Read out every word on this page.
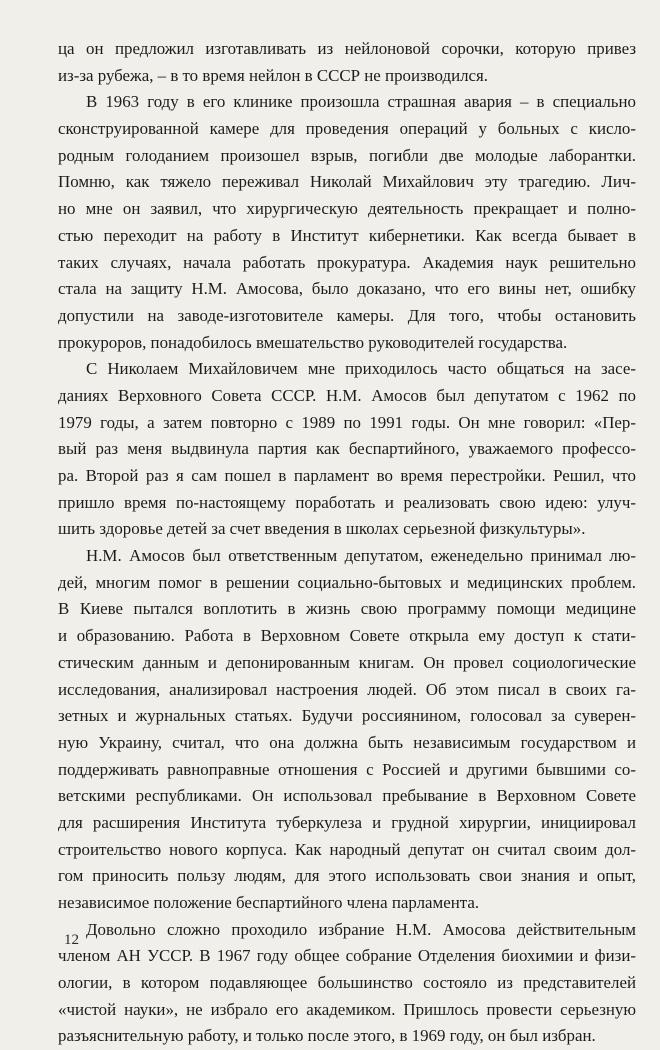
ца он предложил изготавливать из нейлоновой сорочки, которую привез
из-за рубежа, – в то время нейлон в СССР не производился.
В 1963 году в его клинике произошла страшная авария – в специально
сконструированной камере для проведения операций у больных с кисло-
родным голоданием произошел взрыв, погибли две молодые лаборантки.
Помню, как тяжело переживал Николай Михайлович эту трагедию. Лич-
но мне он заявил, что хирургическую деятельность прекращает и полно-
стью переходит на работу в Институт кибернетики. Как всегда бывает в
таких случаях, начала работать прокуратура. Академия наук решительно
стала на защиту Н.М. Амосова, было доказано, что его вины нет, ошибку
допустили на заводе-изготовителе камеры. Для того, чтобы остановить
прокуроров, понадобилось вмешательство руководителей государства.
С Николаем Михайловичем мне приходилось часто общаться на засе-
даниях Верховного Совета СССР. Н.М. Амосов был депутатом с 1962 по
1979 годы, а затем повторно с 1989 по 1991 годы. Он мне говорил: «Пер-
вый раз меня выдвинула партия как беспартийного, уважаемого профессо-
ра. Второй раз я сам пошел в парламент во время перестройки. Решил, что
пришло время по-настоящему поработать и реализовать свою идею: улуч-
шить здоровье детей за счет введения в школах серьезной физкультуры».
Н.М. Амосов был ответственным депутатом, еженедельно принимал лю-
дей, многим помог в решении социально-бытовых и медицинских проблем.
В Киеве пытался воплотить в жизнь свою программу помощи медицине
и образованию. Работа в Верховном Совете открыла ему доступ к стати-
стическим данным и депонированным книгам. Он провел социологические
исследования, анализировал настроения людей. Об этом писал в своих га-
зетных и журнальных статьях. Будучи россиянином, голосовал за суверен-
ную Украину, считал, что она должна быть независимым государством и
поддерживать равноправные отношения с Россией и другими бывшими со-
ветскими республиками. Он использовал пребывание в Верховном Совете
для расширения Института туберкулеза и грудной хирургии, инициировал
строительство нового корпуса. Как народный депутат он считал своим дол-
гом приносить пользу людям, для этого использовать свои знания и опыт,
независимое положение беспартийного члена парламента.
Довольно сложно проходило избрание Н.М. Амосова действительным
членом АН УССР. В 1967 году общее собрание Отделения биохимии и физи-
ологии, в котором подавляющее большинство состояло из представителей
«чистой науки», не избрало его академиком. Пришлось провести серьезную
разъяснительную работу, и только после этого, в 1969 году, он был избран.
12
